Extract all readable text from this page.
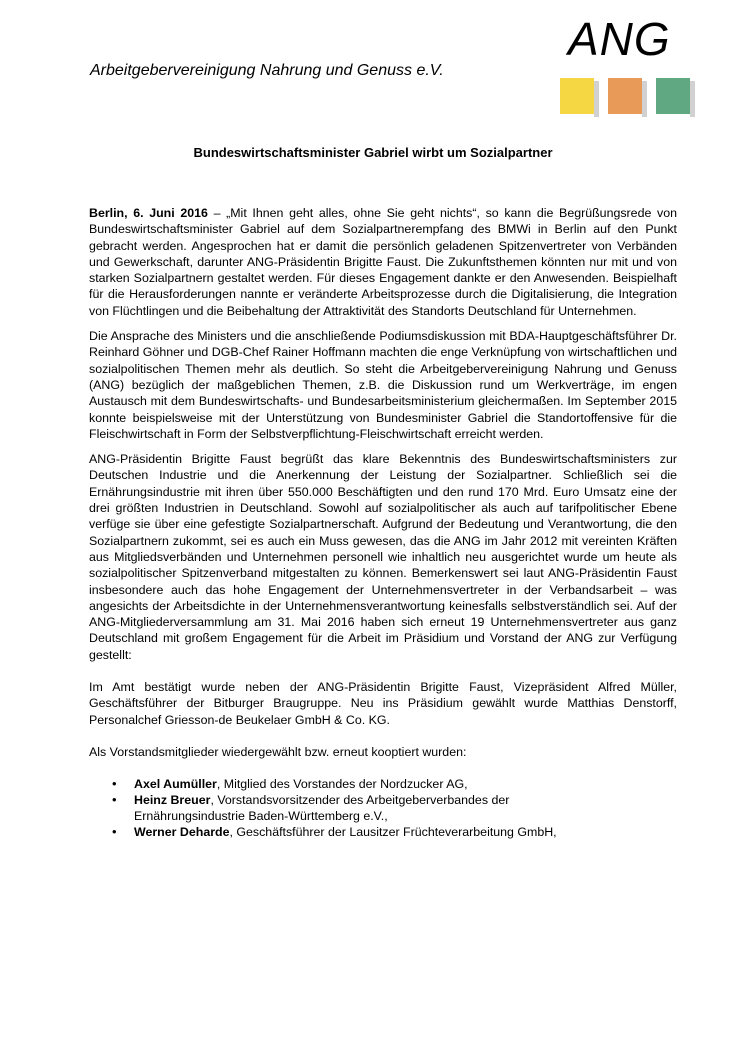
Arbeitgebervereinigung Nahrung und Genuss e.V.
ANG
Bundeswirtschaftsminister Gabriel wirbt um Sozialpartner

Berlin, 6. Juni 2016 – „Mit Ihnen geht alles, ohne Sie geht nichts“, so kann die Begrüßungsrede von Bundeswirtschaftsminister Gabriel auf dem Sozialpartnerempfang des BMWi in Berlin auf den Punkt gebracht werden. Angesprochen hat er damit die persönlich geladenen Spitzenvertreter von Verbänden und Gewerkschaft, darunter ANG-Präsidentin Brigitte Faust. Die Zukunftsthemen könnten nur mit und von starken Sozialpartnern gestaltet werden. Für dieses Engagement dankte er den Anwesenden. Beispielhaft für die Herausforderungen nannte er veränderte Arbeitsprozesse durch die Digitalisierung, die Integration von Flüchtlingen und die Beibehaltung der Attraktivität des Standorts Deutschland für Unternehmen.

Die Ansprache des Ministers und die anschließende Podiumsdiskussion mit BDA-Hauptgeschäftsführer Dr. Reinhard Göhner und DGB-Chef Rainer Hoffmann machten die enge Verknüpfung von wirtschaftlichen und sozialpolitischen Themen mehr als deutlich. So steht die Arbeitgebervereinigung Nahrung und Genuss (ANG) bezüglich der maßgeblichen Themen, z.B. die Diskussion rund um Werkverträge, im engen Austausch mit dem Bundeswirtschafts- und Bundesarbeitsministerium gleichermaßen. Im September 2015 konnte beispielsweise mit der Unterstützung von Bundesminister Gabriel die Standortoffensive für die Fleischwirtschaft in Form der Selbstverpflichtung-Fleischwirtschaft erreicht werden.

ANG-Präsidentin Brigitte Faust begrüßt das klare Bekenntnis des Bundeswirtschaftsministers zur Deutschen Industrie und die Anerkennung der Leistung der Sozialpartner. Schließlich sei die Ernährungsindustrie mit ihren über 550.000 Beschäftigten und den rund 170 Mrd. Euro Umsatz eine der drei größten Industrien in Deutschland. Sowohl auf sozialpolitischer als auch auf tarifpolitischer Ebene verfüge sie über eine gefestigte Sozialpartnerschaft. Aufgrund der Bedeutung und Verantwortung, die den Sozialpartnern zukommt, sei es auch ein Muss gewesen, das die ANG im Jahr 2012 mit vereinten Kräften aus Mitgliedsverbänden und Unternehmen personell wie inhaltlich neu ausgerichtet wurde um heute als sozialpolitischer Spitzenverband mitgestalten zu können. Bemerkenswert sei laut ANG-Präsidentin Faust insbesondere auch das hohe Engagement der Unternehmensvertreter in der Verbandsarbeit – was angesichts der Arbeitsdichte in der Unternehmensverantwortung keinesfalls selbstverständlich sei. Auf der ANG-Mitgliederversammlung am 31. Mai 2016 haben sich erneut 19 Unternehmensvertreter aus ganz Deutschland mit großem Engagement für die Arbeit im Präsidium und Vorstand der ANG zur Verfügung gestellt:

Im Amt bestätigt wurde neben der ANG-Präsidentin Brigitte Faust, Vizepräsident Alfred Müller, Geschäftsführer der Bitburger Braugruppe. Neu ins Präsidium gewählt wurde Matthias Denstorff, Personalchef Griesson-de Beukelaer GmbH & Co. KG.

Als Vorstandsmitglieder wiedergewählt bzw. erneut kooptiert wurden:

• Axel Aumüller, Mitglied des Vorstandes der Nordzucker AG,
• Heinz Breuer, Vorstandsvorsitzender des Arbeitgeberverbandes der
Ernährungsindustrie Baden-Württemberg e.V.,
• Werner Deharde, Geschäftsführer der Lausitzer Früchteverarbeitung GmbH,
